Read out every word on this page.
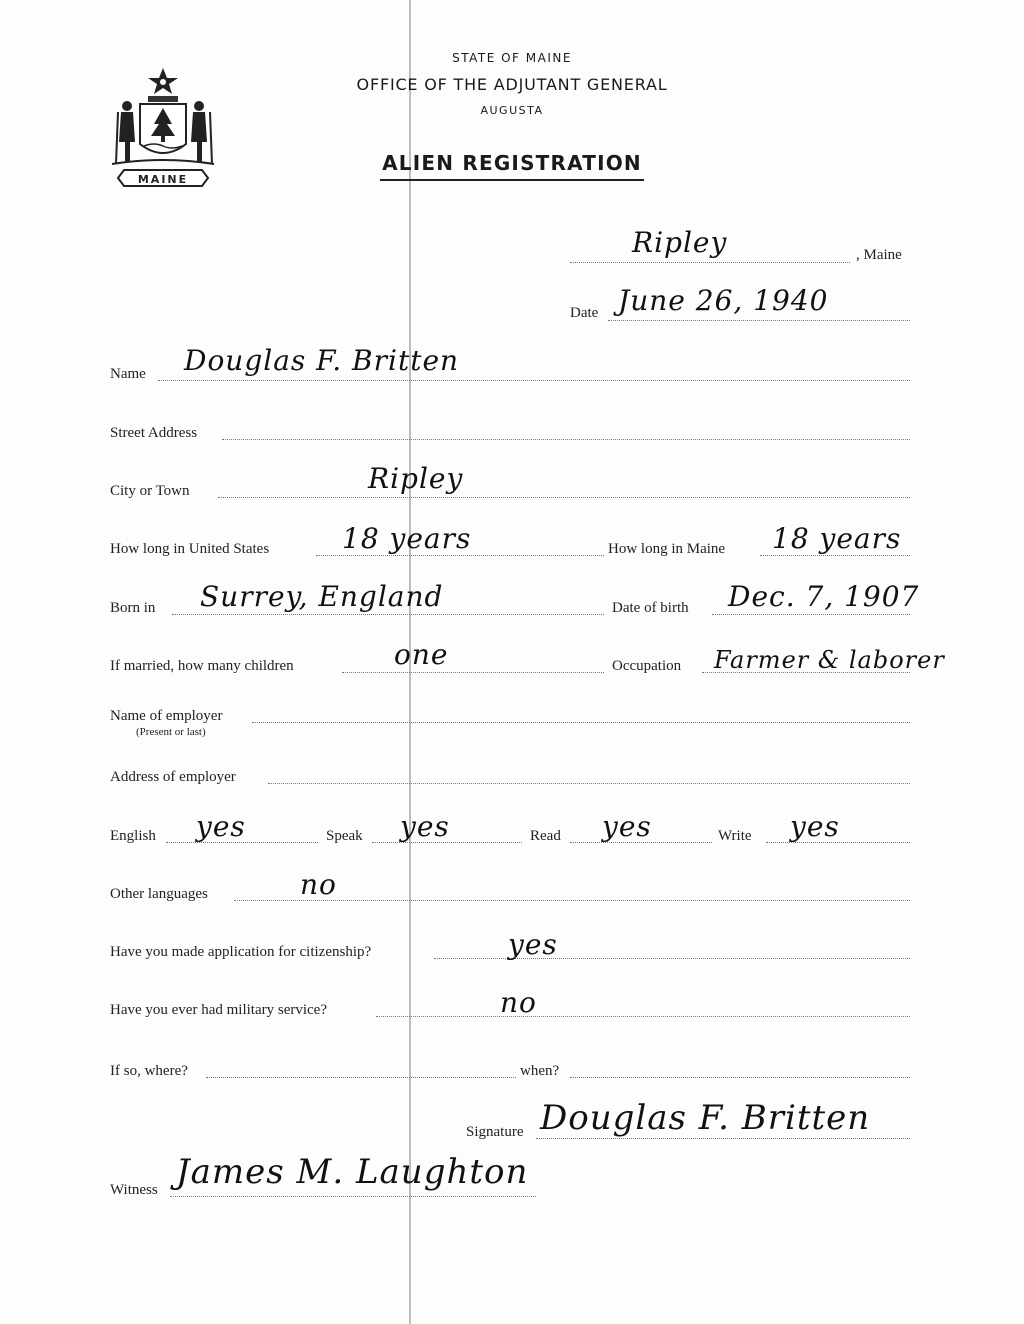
MAINE
STATE OF MAINE
OFFICE OF THE ADJUTANT GENERAL
AUGUSTA
ALIEN REGISTRATION
Ripley	, Maine
Date June 26, 1940
Name Douglas F. Britten
Street Address
City or Town	Ripley
How long in United States	18 years	How long in Maine 18 years
Born in Surrey, England	Date of birth Dec. 7, 1907
If married, how many children	one	Occupation Farmer & laborer
Name of employer
(Present or last)
Address of employer
English yes	Speak yes	Read yes	Write yes
Other languages	no
Have you made application for citizenship?	yes
Have you ever had military service?	no
If so, where?	when?
Signature Douglas F. Britten
Witness James M. Laughton
